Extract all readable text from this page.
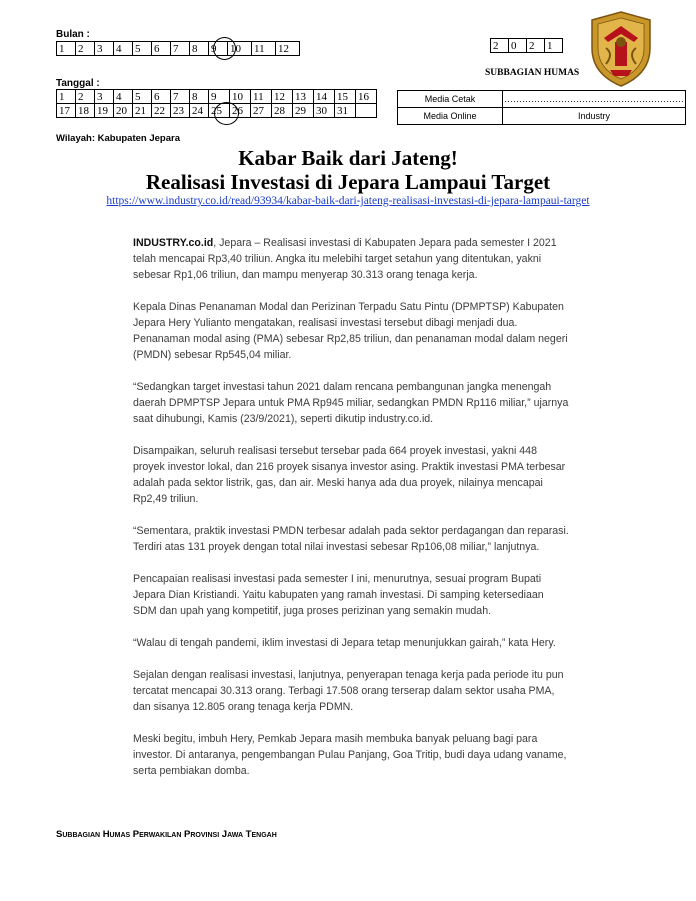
Bulan :
1	2	3	4	5	6	7	8	9	10	11	12	2	0	2	1
SUBBAGIAN HUMAS
Tanggal :
1	2	3	4	5	6	7	8	9	10	11	12	13	14	15	16
17	18	19	20	21	22	23	24	25	26	27	28	29	30	31	
Media Cetak	……………………………………………………
Media Online	Industry
Wilayah: Kabupaten Jepara
Kabar Baik dari Jateng!
Realisasi Investasi di Jepara Lampaui Target
https://www.industry.co.id/read/93934/kabar-baik-dari-jateng-realisasi-investasi-di-jepara-lampaui-target

INDUSTRY.co.id, Jepara – Realisasi investasi di Kabupaten Jepara pada semester I 2021 telah mencapai Rp3,40 triliun. Angka itu melebihi target setahun yang ditentukan, yakni sebesar Rp1,06 triliun, dan mampu menyerap 30.313 orang tenaga kerja.

Kepala Dinas Penanaman Modal dan Perizinan Terpadu Satu Pintu (DPMPTSP) Kabupaten Jepara Hery Yulianto mengatakan, realisasi investasi tersebut dibagi menjadi dua. Penanaman modal asing (PMA) sebesar Rp2,85 triliun, dan penanaman modal dalam negeri (PMDN) sebesar Rp545,04 miliar.

“Sedangkan target investasi tahun 2021 dalam rencana pembangunan jangka menengah daerah DPMPTSP Jepara untuk PMA Rp945 miliar, sedangkan PMDN Rp116 miliar,” ujarnya saat dihubungi, Kamis (23/9/2021), seperti dikutip industry.co.id.

Disampaikan, seluruh realisasi tersebut tersebar pada 664 proyek investasi, yakni 448 proyek investor lokal, dan 216 proyek sisanya investor asing. Praktik investasi PMA terbesar adalah pada sektor listrik, gas, dan air. Meski hanya ada dua proyek, nilainya mencapai Rp2,49 triliun.

“Sementara, praktik investasi PMDN terbesar adalah pada sektor perdagangan dan reparasi. Terdiri atas 131 proyek dengan total nilai investasi sebesar Rp106,08 miliar,” lanjutnya.

Pencapaian realisasi investasi pada semester I ini, menurutnya, sesuai program Bupati Jepara Dian Kristiandi. Yaitu kabupaten yang ramah investasi. Di samping ketersediaan SDM dan upah yang kompetitif, juga proses perizinan yang semakin mudah.

“Walau di tengah pandemi, iklim investasi di Jepara tetap menunjukkan gairah,” kata Hery.

Sejalan dengan realisasi investasi, lanjutnya, penyerapan tenaga kerja pada periode itu pun tercatat mencapai 30.313 orang. Terbagi 17.508 orang terserap dalam sektor usaha PMA, dan sisanya 12.805 orang tenaga kerja PDMN.

Meski begitu, imbuh Hery, Pemkab Jepara masih membuka banyak peluang bagi para investor. Di antaranya, pengembangan Pulau Panjang, Goa Tritip, budi daya udang vaname, serta pembiakan domba.

Subbagian Humas Perwakilan Provinsi Jawa Tengah
